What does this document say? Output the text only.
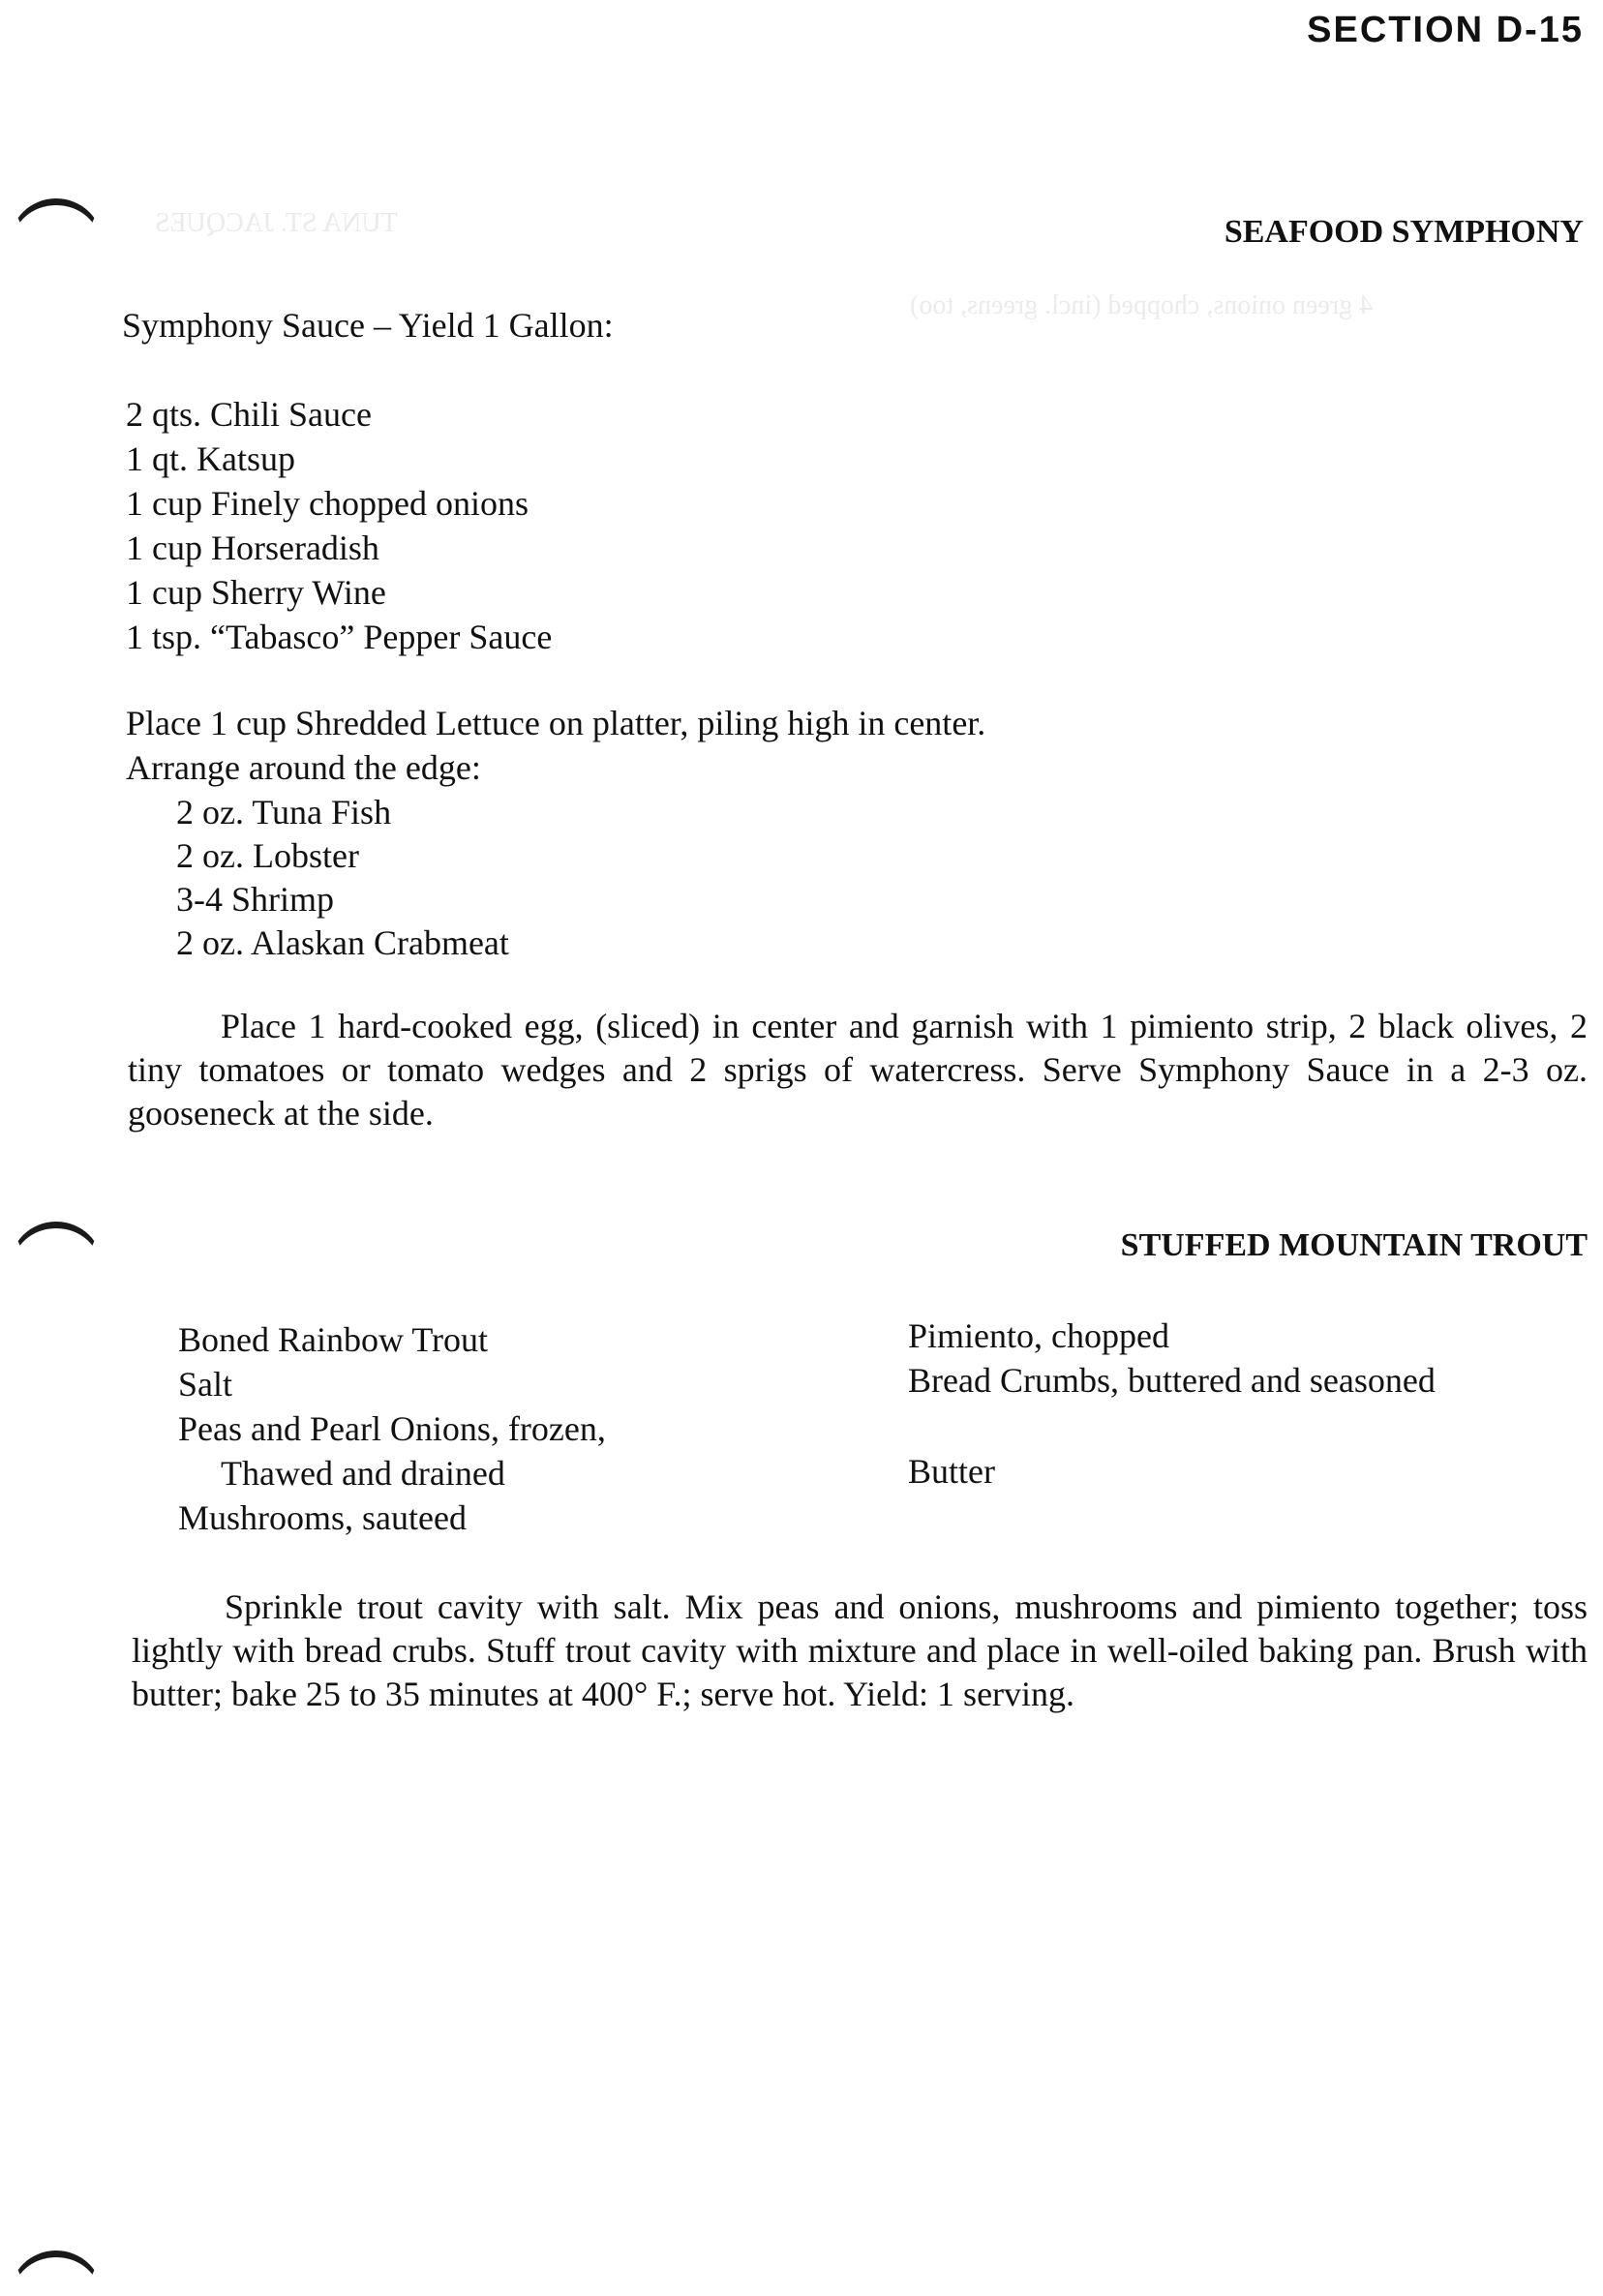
TUNA ST. JACQUES
4 green onions, chopped (incl. greens, too)
SECTION D-15
SEAFOOD SYMPHONY
Symphony Sauce – Yield 1 Gallon:
2 qts. Chili Sauce
1 qt. Katsup
1 cup Finely chopped onions
1 cup Horseradish
1 cup Sherry Wine
1 tsp. “Tabasco” Pepper Sauce
Place 1 cup Shredded Lettuce on platter, piling high in center.
Arrange around the edge:
2 oz. Tuna Fish
2 oz. Lobster
3-4 Shrimp
2 oz. Alaskan Crabmeat
Place 1 hard-cooked egg, (sliced) in center and garnish with 1 pimiento strip, 2 black olives, 2 tiny tomatoes or tomato wedges and 2 sprigs of watercress. Serve Symphony Sauce in a 2-3 oz. gooseneck at the side.
STUFFED MOUNTAIN TROUT
Boned Rainbow Trout
Salt
Peas and Pearl Onions, frozen,
Thawed and drained
Mushrooms, sauteed
Pimiento, chopped
Bread Crumbs, buttered and seasoned
Butter
Sprinkle trout cavity with salt. Mix peas and onions, mushrooms and pimiento together; toss lightly with bread crubs. Stuff trout cavity with mixture and place in well-oiled baking pan. Brush with butter; bake 25 to 35 minutes at 400° F.; serve hot. Yield: 1 serving.
